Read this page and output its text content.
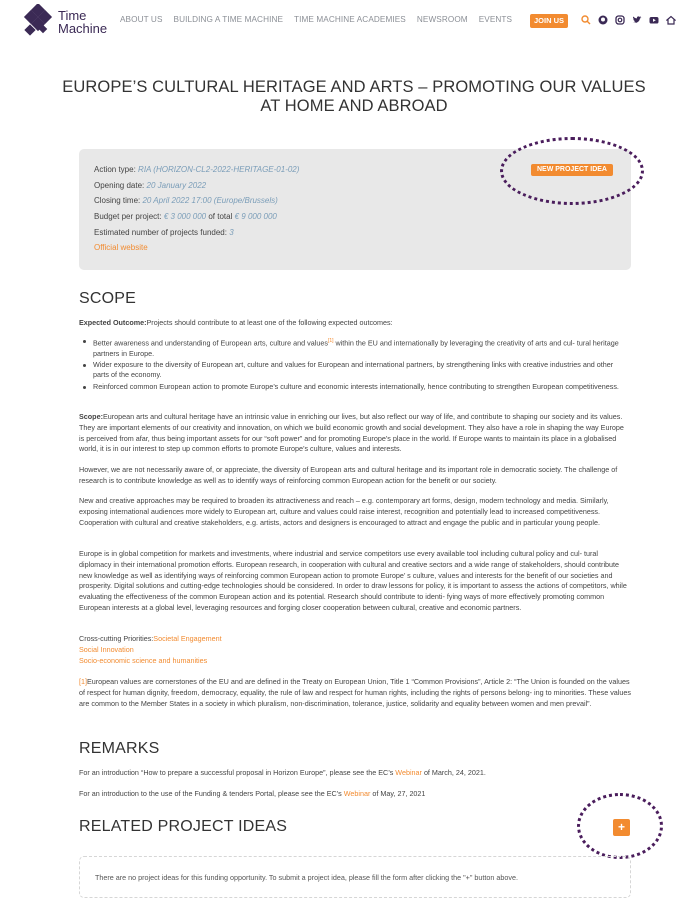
Time
Machine
ABOUT US BUILDING A TIME MACHINE TIME MACHINE ACADEMIES NEWSROOM EVENTS	JOIN US
EUROPE’S CULTURAL HERITAGE AND ARTS – PROMOTING OUR VALUES AT HOME AND ABROAD
Action type: RIA (HORIZON-CL2-2022-HERITAGE-01-02)
Opening date: 20 January 2022
Closing time: 20 April 2022 17:00 (Europe/Brussels)
Budget per project: € 3 000 000 of total € 9 000 000
Estimated number of projects funded: 3
Official website
NEW PROJECT IDEA
SCOPE
Expected Outcome:Projects should contribute to at least one of the following expected outcomes:
Better awareness and understanding of European arts, culture and values[1] within the EU and internationally by leveraging the creativity of arts and cul- tural heritage partners in Europe.
Wider exposure to the diversity of European art, culture and values for European and international partners, by strengthening links with creative industries and other parts of the economy.
Reinforced common European action to promote Europe’s culture and economic interests internationally, hence contributing to strengthen European competitiveness.
Scope:European arts and cultural heritage have an intrinsic value in enriching our lives, but also reflect our way of life, and contribute to shaping our society and its values. They are important elements of our creativity and innovation, on which we build economic growth and social development. They also have a role in shaping the way Europe is perceived from afar, thus being important assets for our “soft power” and for promoting Europe’s place in the world. If Europe wants to maintain its place in a globalised world, it is in our interest to step up common efforts to promote Europe’s culture, values and interests.
However, we are not necessarily aware of, or appreciate, the diversity of European arts and cultural heritage and its important role in democratic society. The challenge of research is to contribute knowledge as well as to identify ways of reinforcing common European action for the benefit or our society.
New and creative approaches may be required to broaden its attractiveness and reach – e.g. contemporary art forms, design, modern technology and media. Similarly, exposing international audiences more widely to European art, culture and values could raise interest, recognition and potentially lead to increased competitiveness. Cooperation with cultural and creative stakeholders, e.g. artists, actors and designers is encouraged to attract and engage the public and in particular young people.
Europe is in global competition for markets and investments, where industrial and service competitors use every available tool including cultural policy and cul- tural diplomacy in their international promotion efforts. European research, in cooperation with cultural and creative sectors and a wide range of stakeholders, should contribute new knowledge as well as identifying ways of reinforcing common European action to promote Europe’ s culture, values and interests for the benefit of our societies and prosperity. Digital solutions and cutting-edge technologies should be considered. In order to draw lessons for policy, it is important to assess the actions of competitors, while evaluating the effectiveness of the common European action and its potential. Research should contribute to identi- fying ways of more effectively promoting common European interests at a global level, leveraging resources and forging closer cooperation between cultural, creative and economic partners.
Cross-cutting Priorities:Societal Engagement
Social Innovation
Socio-economic science and humanities
[1]European values are cornerstones of the EU and are defined in the Treaty on European Union, Title 1 “Common Provisions”, Article 2: “The Union is founded on the values of respect for human dignity, freedom, democracy, equality, the rule of law and respect for human rights, including the rights of persons belong- ing to minorities. These values are common to the Member States in a society in which pluralism, non-discrimination, tolerance, justice, solidarity and equality between women and men prevail”.
REMARKS
For an introduction “How to prepare a successful proposal in Horizon Europe”, please see the EC’s Webinar of March, 24, 2021.
For an introduction to the use of the Funding & tenders Portal, please see the EC’s Webinar of May, 27, 2021
RELATED PROJECT IDEAS	+
There are no project ideas for this funding opportunity. To submit a project idea, please fill the form after clicking the "+" button above.
